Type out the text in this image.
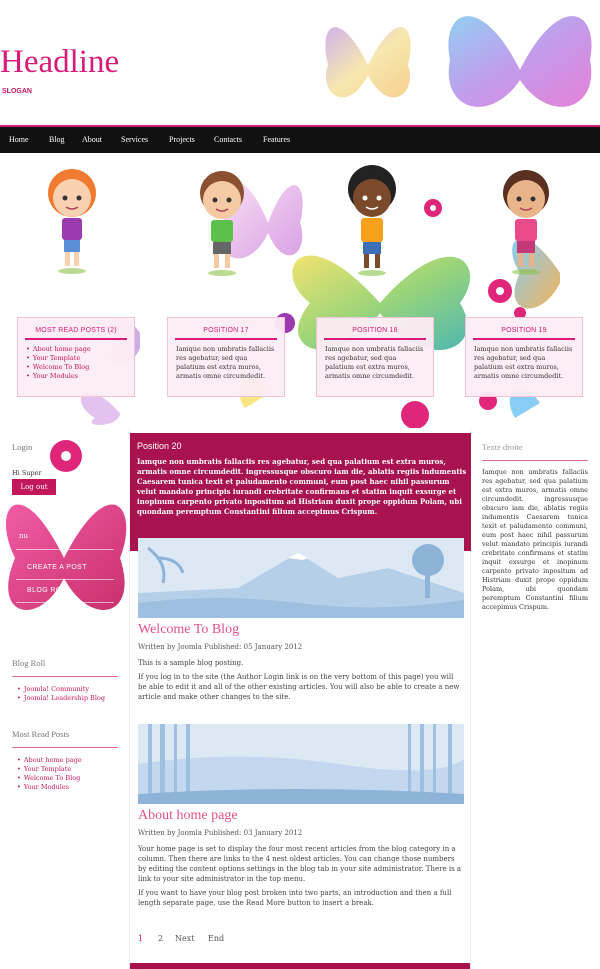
Headline
SLOGAN
Home	Blog About Services	Projects Contacts	Features
MOST READ POSTS (2)
• About home page
• Your Template
• Welcome To Blog
• Your Modules
POSITION 17
Iamque non umbratis fallaciis res agebatur, sed qua palatium est extra muros, armatis omne circumdedit.
POSITION 18
Iamque non umbratis fallaciis res agebatur, sed qua palatium est extra muros, armatis omne circumdedit.
POSITION 19
Iamque non umbratis fallaciis res agebatur, sed qua palatium est extra muros, armatis omne circumdedit.
Login
Hi Super
Log out
nu
CREATE A POST
BLOG ROLL
WORKING ON SITE
Blog Roll
• Joomla! Community
• Joomla! Leadership Blog
Most Read Posts
• About home page
• Your Template
• Welcome To Blog
• Your Modules
Position 20
Iamque non umbratis fallaciis res agebatur, sed qua palatium est extra muros, armatis omne circumdedit. ingressusque obscuro iam die, ablatis regiis indumentis Caesarem tunica texit et paludamento communi, eum post haec nihil passurum velut mandato principis iurandi crebritate confirmans et statim inquit exsurge et inopinum carpento privato inpositum ad Histriam duxit prope oppidum Polam, ubi quondam peremptum Constantini filium accepimus Crispum.
Welcome To Blog
Written by Joomla Published: 05 January 2012
This is a sample blog posting.
If you log in to the site (the Author Login link is on the very bottom of this page) you will be able to edit it and all of the other existing articles. You will also be able to create a new article and make other changes to the site.
About home page
Written by Joomla Published: 03 January 2012
Your home page is set to display the four most recent articles from the blog category in a column. Then there are links to the 4 nest oldest articles. You can change those numbers by editing the content options settings in the blog tab in your site administrator. There is a link to your site administrator in the top menu.
If you want to have your blog post broken into two parts, an introduction and then a full length separate page, use the Read More button to insert a break.
1 2 Next End
Texte droite
Iamque non umbratis fallaciis res agebatur, sed qua palatium est extra muros, armatis omne circumdedit. ingressusque obscuro iam die, ablatis regiis indumentis Caesarem tunica texit et paludamento communi, eum post haec nihil passurum velut mandato principis iurandi crebritate confirmans et statim inquit exsurge et inopinum carpento privato inpositum ad Histriam duxit prope oppidum Polam, ubi quondam peremptum Constantini filium accepimus Crispum.
